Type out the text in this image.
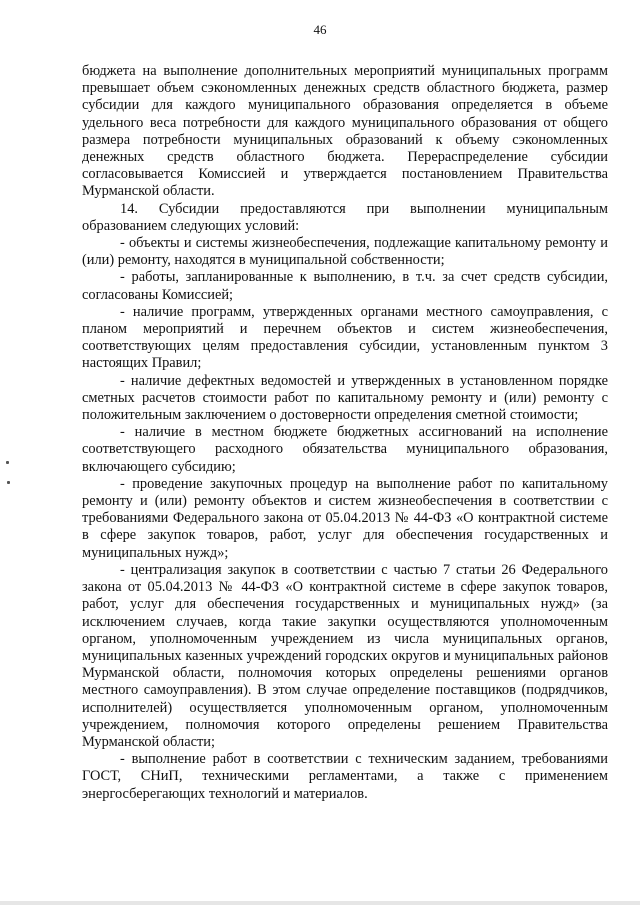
46

бюджета на выполнение дополнительных мероприятий муниципальных программ превышает объем сэкономленных денежных средств областного бюджета, размер субсидии для каждого муниципального образования определяется в объеме удельного веса потребности для каждого муниципального образования от общего размера потребности муниципальных образований к объему сэкономленных денежных средств областного бюджета. Перераспределение субсидии согласовывается Комиссией и утверждается постановлением Правительства Мурманской области.

14. Субсидии предоставляются при выполнении муниципальным образованием следующих условий:

- объекты и системы жизнеобеспечения, подлежащие капитальному ремонту и (или) ремонту, находятся в муниципальной собственности;

- работы, запланированные к выполнению, в т.ч. за счет средств субсидии, согласованы Комиссией;

- наличие программ, утвержденных органами местного самоуправления, с планом мероприятий и перечнем объектов и систем жизнеобеспечения, соответствующих целям предоставления субсидии, установленным пунктом 3 настоящих Правил;

- наличие дефектных ведомостей и утвержденных в установленном порядке сметных расчетов стоимости работ по капитальному ремонту и (или) ремонту с положительным заключением о достоверности определения сметной стоимости;

- наличие в местном бюджете бюджетных ассигнований на исполнение соответствующего расходного обязательства муниципального образования, включающего субсидию;

- проведение закупочных процедур на выполнение работ по капитальному ремонту и (или) ремонту объектов и систем жизнеобеспечения в соответствии с требованиями Федерального закона от 05.04.2013 № 44-ФЗ «О контрактной системе в сфере закупок товаров, работ, услуг для обеспечения государственных и муниципальных нужд»;

- централизация закупок в соответствии с частью 7 статьи 26 Федерального закона от 05.04.2013 № 44-ФЗ «О контрактной системе в сфере закупок товаров, работ, услуг для обеспечения государственных и муниципальных нужд» (за исключением случаев, когда такие закупки осуществляются уполномоченным органом, уполномоченным учреждением из числа муниципальных органов, муниципальных казенных учреждений городских округов и муниципальных районов Мурманской области, полномочия которых определены решениями органов местного самоуправления). В этом случае определение поставщиков (подрядчиков, исполнителей) осуществляется уполномоченным органом, уполномоченным учреждением, полномочия которого определены решением Правительства Мурманской области;

- выполнение работ в соответствии с техническим заданием, требованиями ГОСТ, СНиП, техническими регламентами, а также с применением энергосберегающих технологий и материалов.
